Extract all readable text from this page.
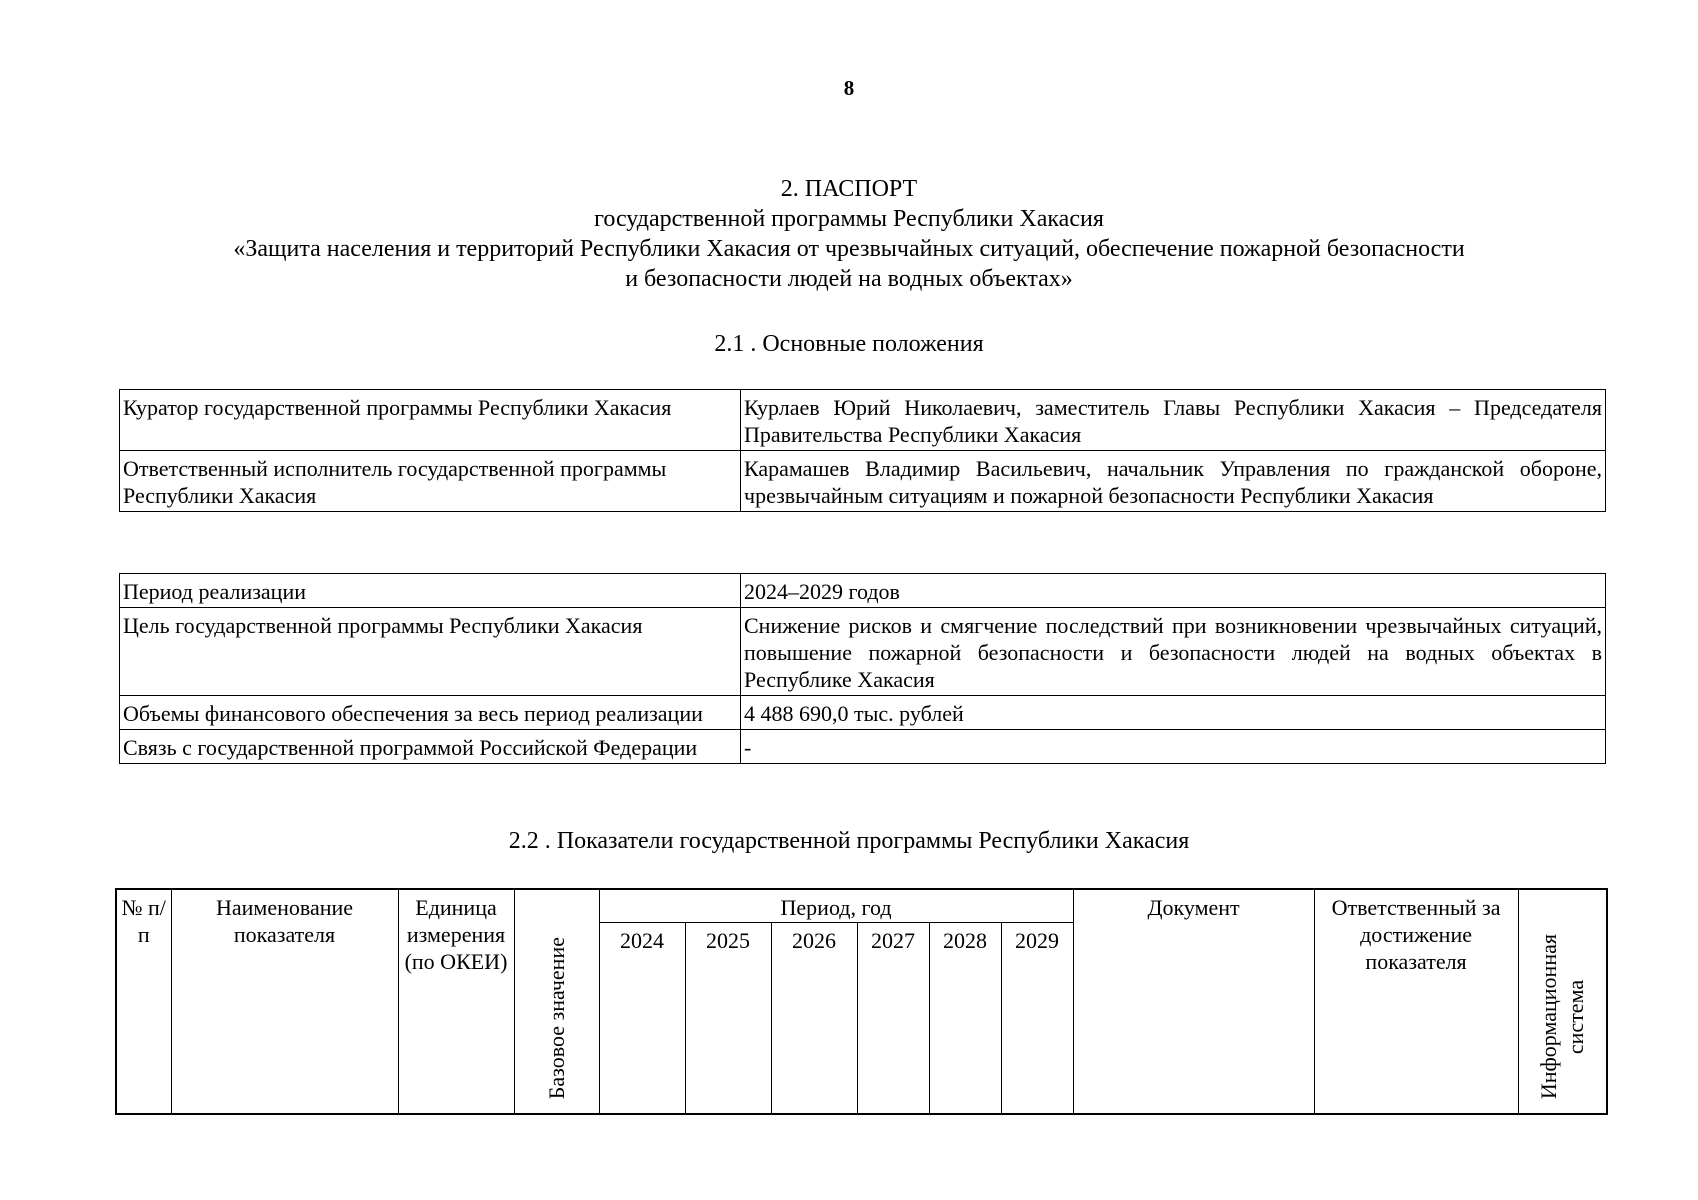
8
2. ПАСПОРТ
государственной программы Республики Хакасия
«Защита населения и территорий Республики Хакасия от чрезвычайных ситуаций, обеспечение пожарной безопасности
и безопасности людей на водных объектах»
2.1 . Основные положения
Куратор государственной программы Республики Хакасия	Курлаев Юрий Николаевич, заместитель Главы Республики Хакасия – Председателя Правительства Республики Хакасия
Ответственный исполнитель государственной программы Республики Хакасия	Карамашев Владимир Васильевич, начальник Управления по гражданской обороне, чрезвычайным ситуациям и пожарной безопасности Республики Хакасия
Период реализации	2024–2029 годов
Цель государственной программы Республики Хакасия	Снижение рисков и смягчение последствий при возникновении чрезвычайных ситуаций, повышение пожарной безопасности и безопасности людей на водных объектах в Республике Хакасия
Объемы финансового обеспечения за весь период реализации	4 488 690,0 тыс. рублей
Связь с государственной программой Российской Федерации	-
2.2 . Показатели государственной программы Республики Хакасия
№ п/п	Наименование показателя	Единица измерения (по ОКЕИ)	Базовое значение	Период, год						Документ	Ответственный за достижение показателя	Информационная
система
				2024	2025	2026	2027	2028	2029			
